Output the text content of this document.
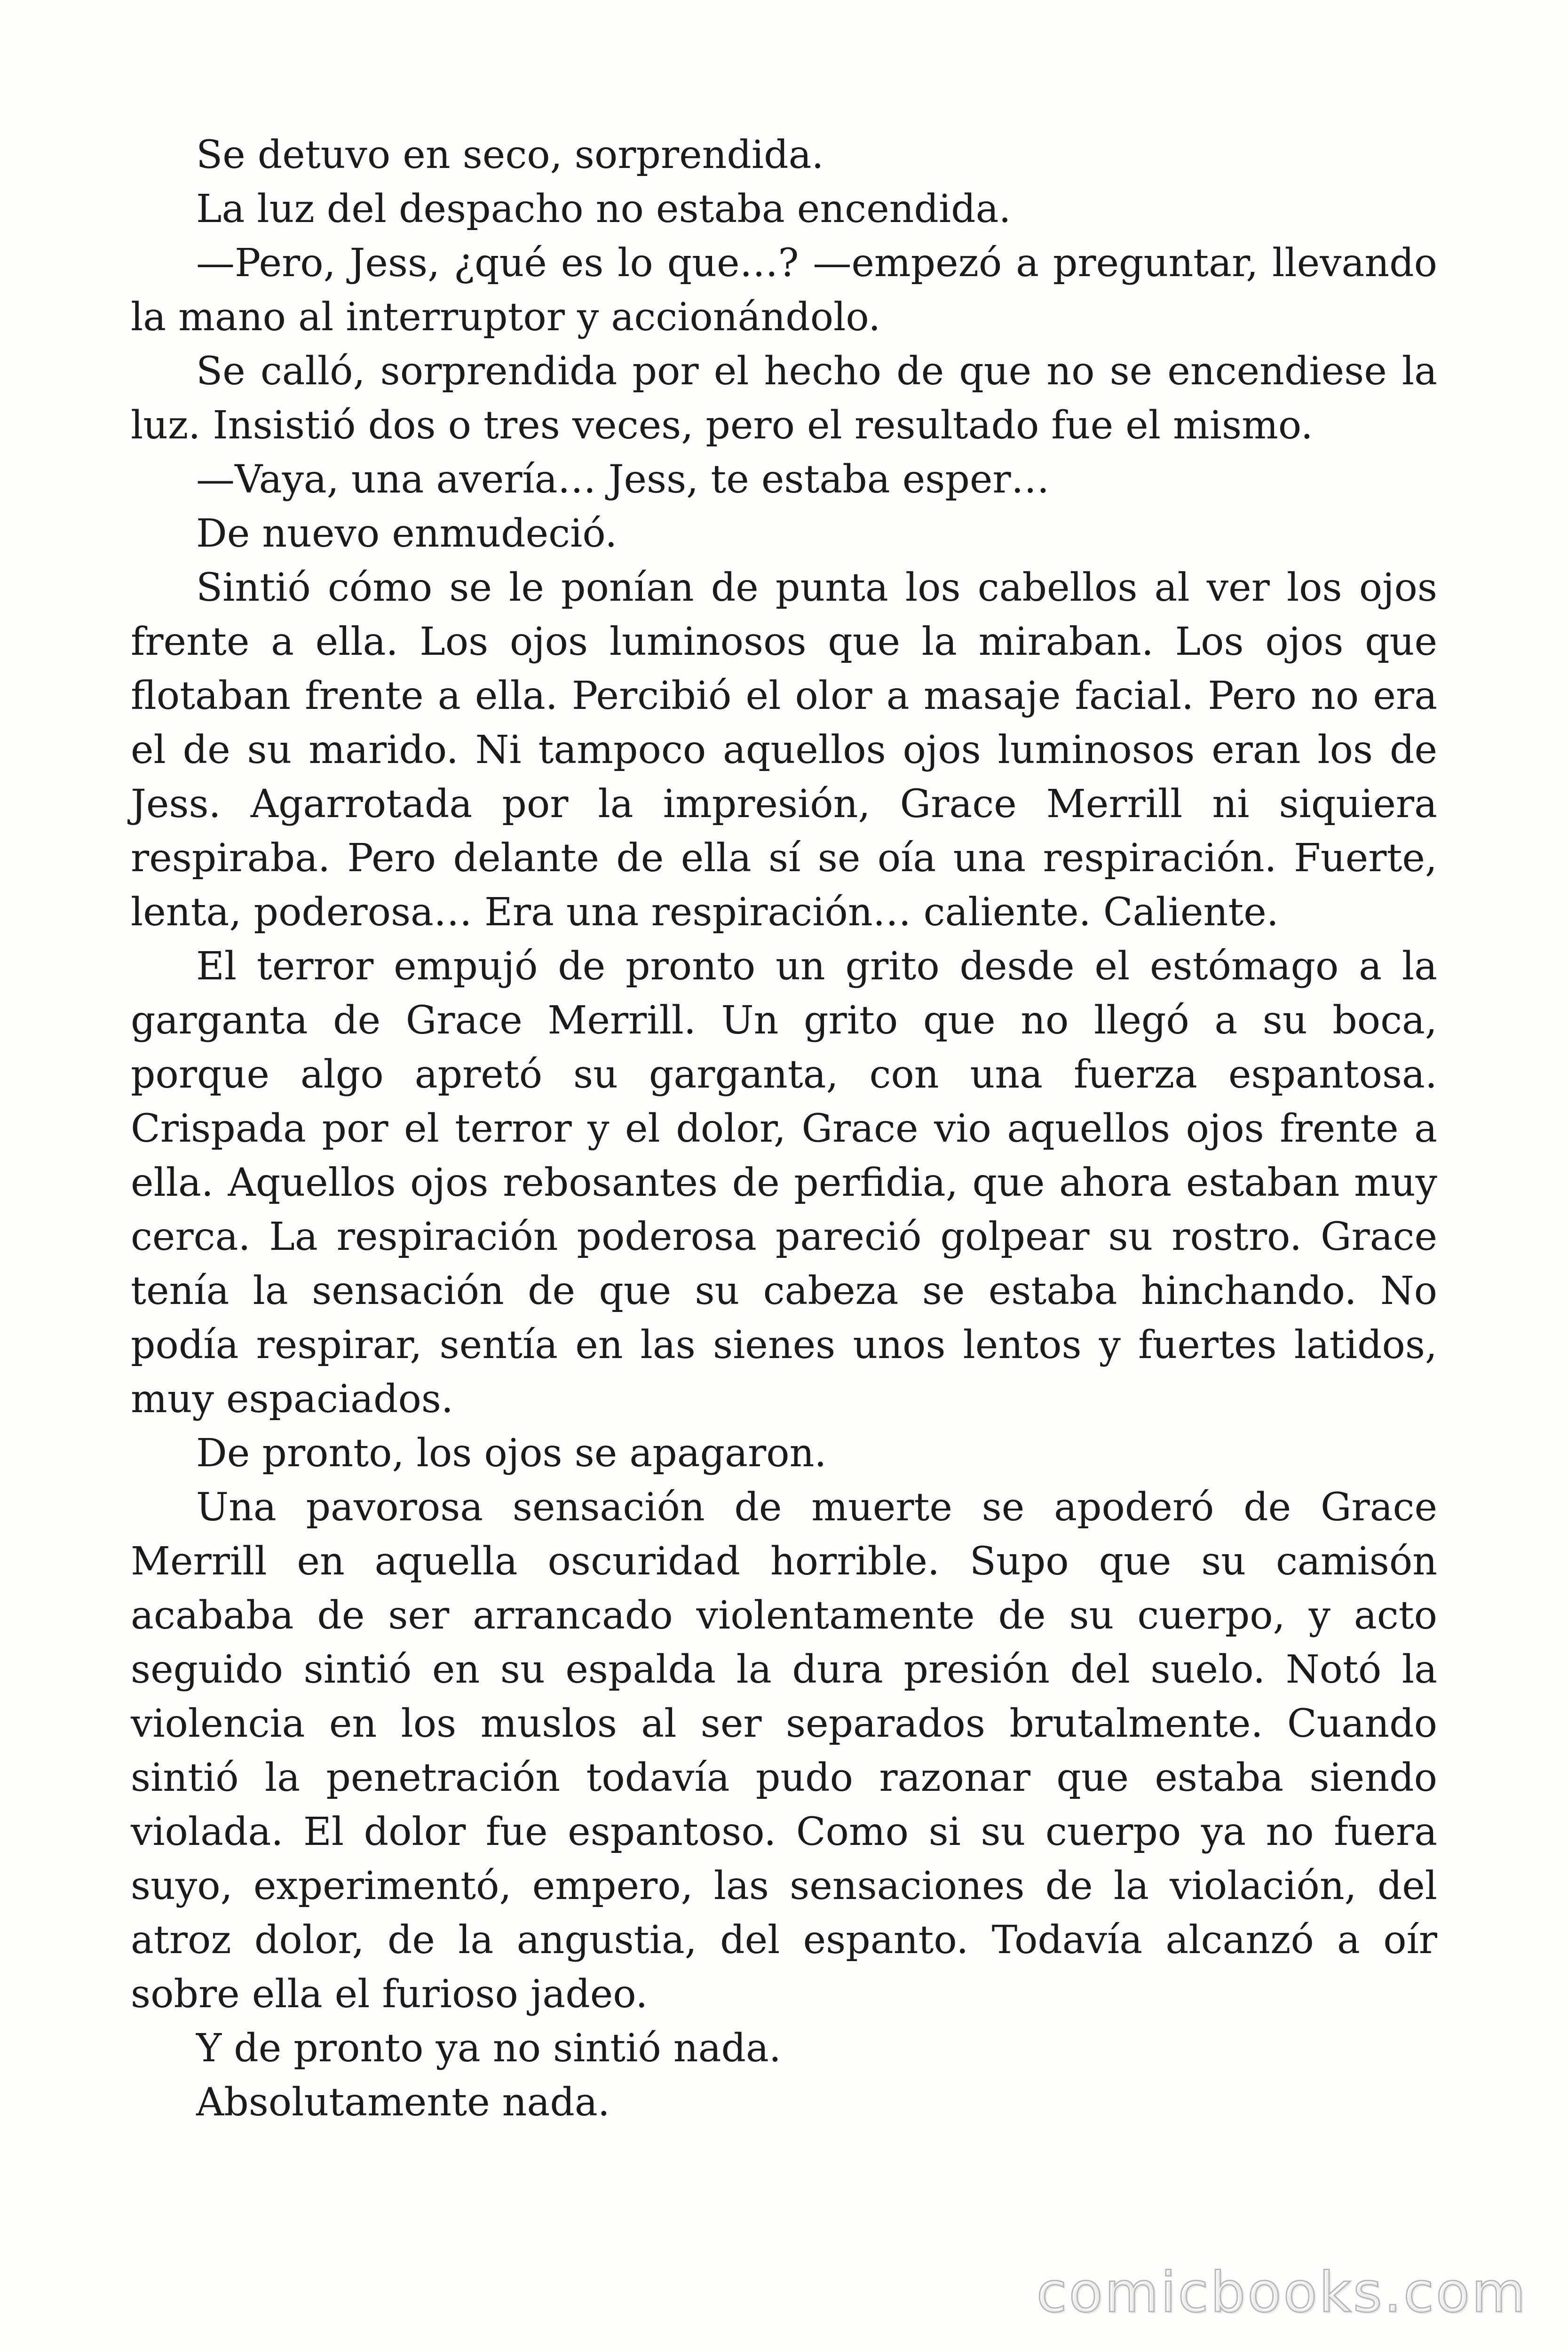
Se detuvo en seco, sorprendida.

La luz del despacho no estaba encendida.

—Pero, Jess, ¿qué es lo que…? —empezó a preguntar, llevando la mano al interruptor y accionándolo.

Se calló, sorprendida por el hecho de que no se encendiese la luz. Insistió dos o tres veces, pero el resultado fue el mismo.

—Vaya, una avería… Jess, te estaba esper…

De nuevo enmudeció.

Sintió cómo se le ponían de punta los cabellos al ver los ojos frente a ella. Los ojos luminosos que la miraban. Los ojos que flotaban frente a ella. Percibió el olor a masaje facial. Pero no era el de su marido. Ni tampoco aquellos ojos luminosos eran los de Jess. Agarrotada por la impresión, Grace Merrill ni siquiera respiraba. Pero delante de ella sí se oía una respiración. Fuerte, lenta, poderosa… Era una respiración… caliente. Caliente.

El terror empujó de pronto un grito desde el estómago a la garganta de Grace Merrill. Un grito que no llegó a su boca, porque algo apretó su garganta, con una fuerza espantosa. Crispada por el terror y el dolor, Grace vio aquellos ojos frente a ella. Aquellos ojos rebosantes de perfidia, que ahora estaban muy cerca. La respiración poderosa pareció golpear su rostro. Grace tenía la sensación de que su cabeza se estaba hinchando. No podía respirar, sentía en las sienes unos lentos y fuertes latidos, muy espaciados.

De pronto, los ojos se apagaron.

Una pavorosa sensación de muerte se apoderó de Grace Merrill en aquella oscuridad horrible. Supo que su camisón acababa de ser arrancado violentamente de su cuerpo, y acto seguido sintió en su espalda la dura presión del suelo. Notó la violencia en los muslos al ser separados brutalmente. Cuando sintió la penetración todavía pudo razonar que estaba siendo violada. El dolor fue espantoso. Como si su cuerpo ya no fuera suyo, experimentó, empero, las sensaciones de la violación, del atroz dolor, de la angustia, del espanto. Todavía alcanzó a oír sobre ella el furioso jadeo.

Y de pronto ya no sintió nada.

Absolutamente nada.

comicbooks.com
